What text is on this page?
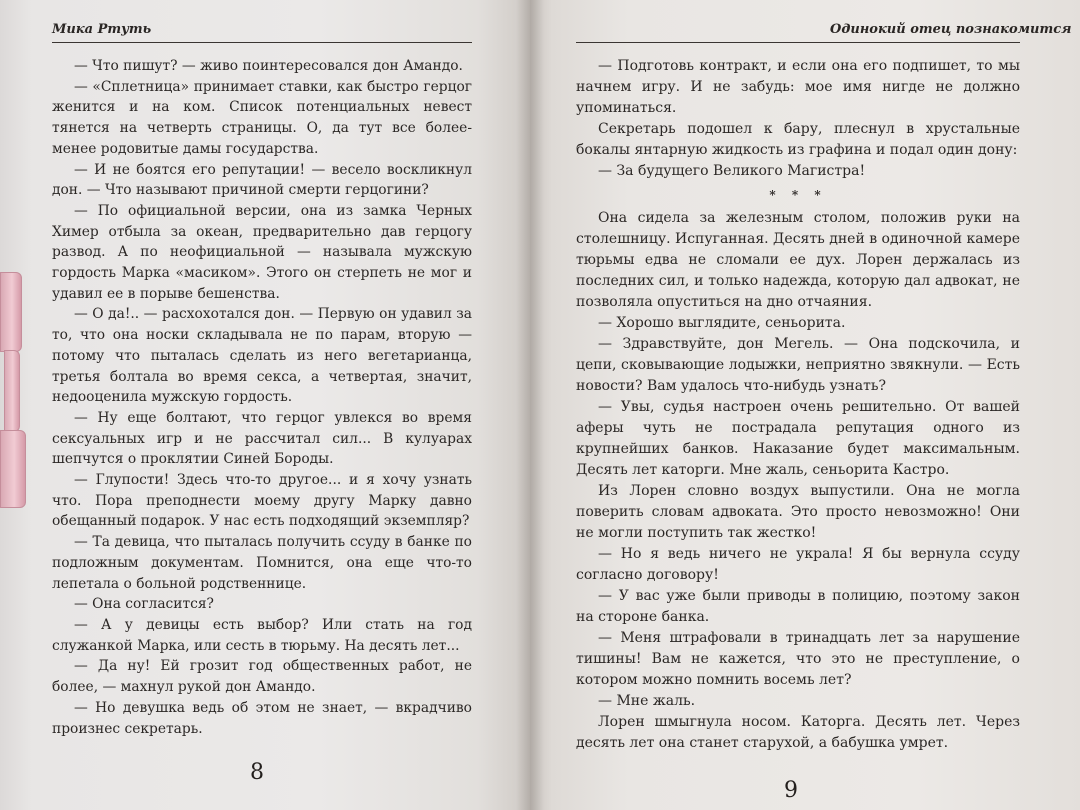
Мика Ртуть

— Что пишут? — живо поинтересовался дон Амандо.

— «Сплетница» принимает ставки, как быстро герцог женится и на ком. Список потенциальных невест тянется на четверть страницы. О, да тут все более-менее родовитые дамы государства.

— И не боятся его репутации! — весело воскликнул дон. — Что называют причиной смерти герцогини?

— По официальной версии, она из замка Черных Химер отбыла за океан, предварительно дав герцогу развод. А по неофициальной — называла мужскую гордость Марка «масиком». Этого он стерпеть не мог и удавил ее в порыве бешенства.

— О да!.. — расхохотался дон. — Первую он удавил за то, что она носки складывала не по парам, вторую — потому что пыталась сделать из него вегетарианца, третья болтала во время секса, а четвертая, значит, недооценила мужскую гордость.

— Ну еще болтают, что герцог увлекся во время сексуальных игр и не рассчитал сил... В кулуарах шепчутся о проклятии Синей Бороды.

— Глупости! Здесь что-то другое... и я хочу узнать что. Пора преподнести моему другу Марку давно обещанный подарок. У нас есть подходящий экземпляр?

— Та девица, что пыталась получить ссуду в банке по подложным документам. Помнится, она еще что-то лепетала о больной родственнице.

— Она согласится?

— А у девицы есть выбор? Или стать на год служанкой Марка, или сесть в тюрьму. На десять лет...

— Да ну! Ей грозит год общественных работ, не более, — махнул рукой дон Амандо.

— Но девушка ведь об этом не знает, — вкрадчиво произнес секретарь.

8
Одинокий отец познакомится

— Подготовь контракт, и если она его подпишет, то мы начнем игру. И не забудь: мое имя нигде не должно упоминаться.

Секретарь подошел к бару, плеснул в хрустальные бокалы янтарную жидкость из графина и подал один дону:

— За будущего Великого Магистра!

* * *

Она сидела за железным столом, положив руки на столешницу. Испуганная. Десять дней в одиночной камере тюрьмы едва не сломали ее дух. Лорен держалась из последних сил, и только надежда, которую дал адвокат, не позволяла опуститься на дно отчаяния.

— Хорошо выглядите, сеньорита.

— Здравствуйте, дон Мегель. — Она подскочила, и цепи, сковывающие лодыжки, неприятно звякнули. — Есть новости? Вам удалось что-нибудь узнать?

— Увы, судья настроен очень решительно. От вашей аферы чуть не пострадала репутация одного из крупнейших банков. Наказание будет максимальным. Десять лет каторги. Мне жаль, сеньорита Кастро.

Из Лорен словно воздух выпустили. Она не могла поверить словам адвоката. Это просто невозможно! Они не могли поступить так жестко!

— Но я ведь ничего не украла! Я бы вернула ссуду согласно договору!

— У вас уже были приводы в полицию, поэтому закон на стороне банка.

— Меня штрафовали в тринадцать лет за нарушение тишины! Вам не кажется, что это не преступление, о котором можно помнить восемь лет?

— Мне жаль.

Лорен шмыгнула носом. Каторга. Десять лет. Через десять лет она станет старухой, а бабушка умрет.

9
